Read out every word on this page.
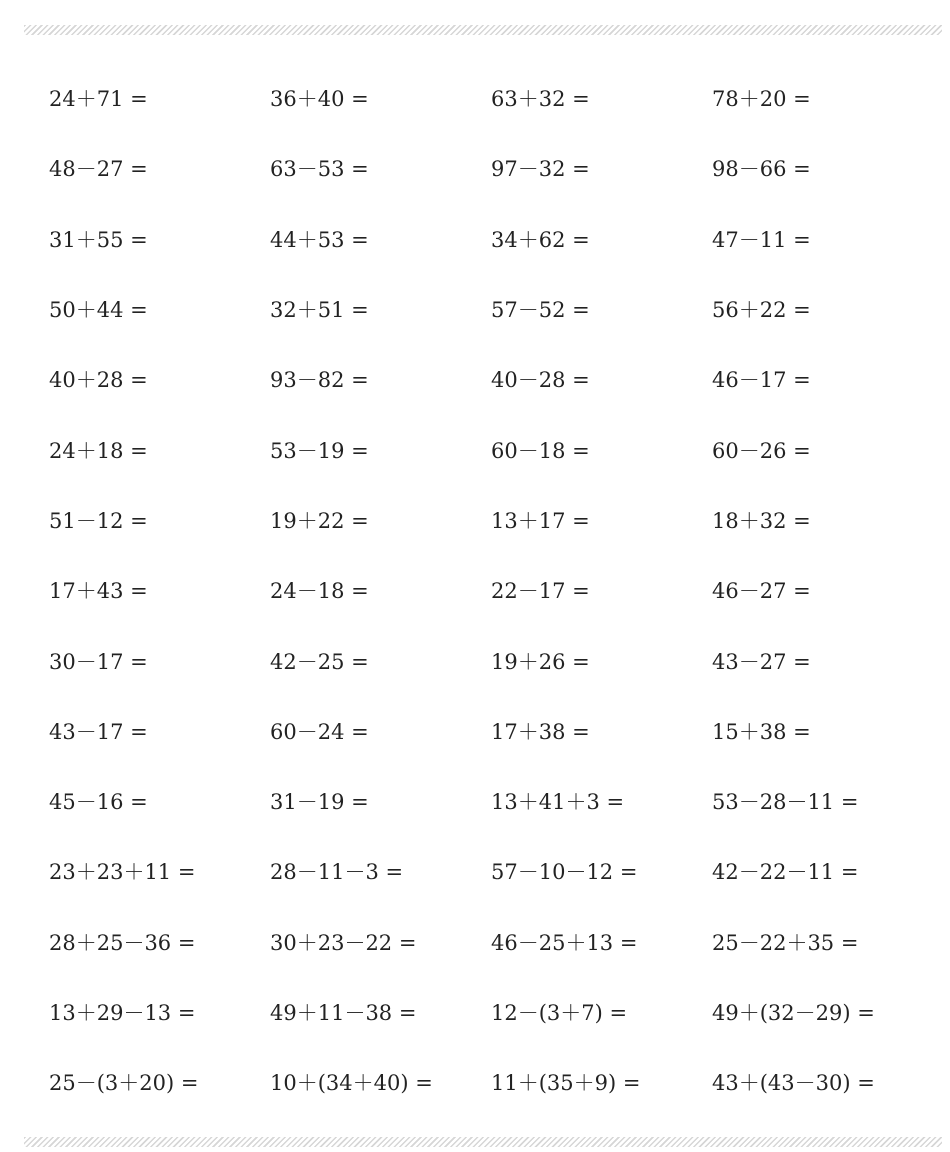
24＋71 =	36＋40 =	63＋32 =	78＋20 =
48－27 =	63－53 =	97－32 =	98－66 =
31＋55 =	44＋53 =	34＋62 =	47－11 =
50＋44 =	32＋51 =	57－52 =	56＋22 =
40＋28 =	93－82 =	40－28 =	46－17 =
24＋18 =	53－19 =	60－18 =	60－26 =
51－12 =	19＋22 =	13＋17 =	18＋32 =
17＋43 =	24－18 =	22－17 =	46－27 =
30－17 =	42－25 =	19＋26 =	43－27 =
43－17 =	60－24 =	17＋38 =	15＋38 =
45－16 =	31－19 =	13＋41＋3 =	53－28－11 =
23＋23＋11 =	28－11－3 =	57－10－12 =	42－22－11 =
28＋25－36 =	30＋23－22 =	46－25＋13 =	25－22＋35 =
13＋29－13 =	49＋11－38 =	12－(3＋7) =	49＋(32－29) =
25－(3＋20) =	10＋(34＋40) =	11＋(35＋9) =	43＋(43－30) =
